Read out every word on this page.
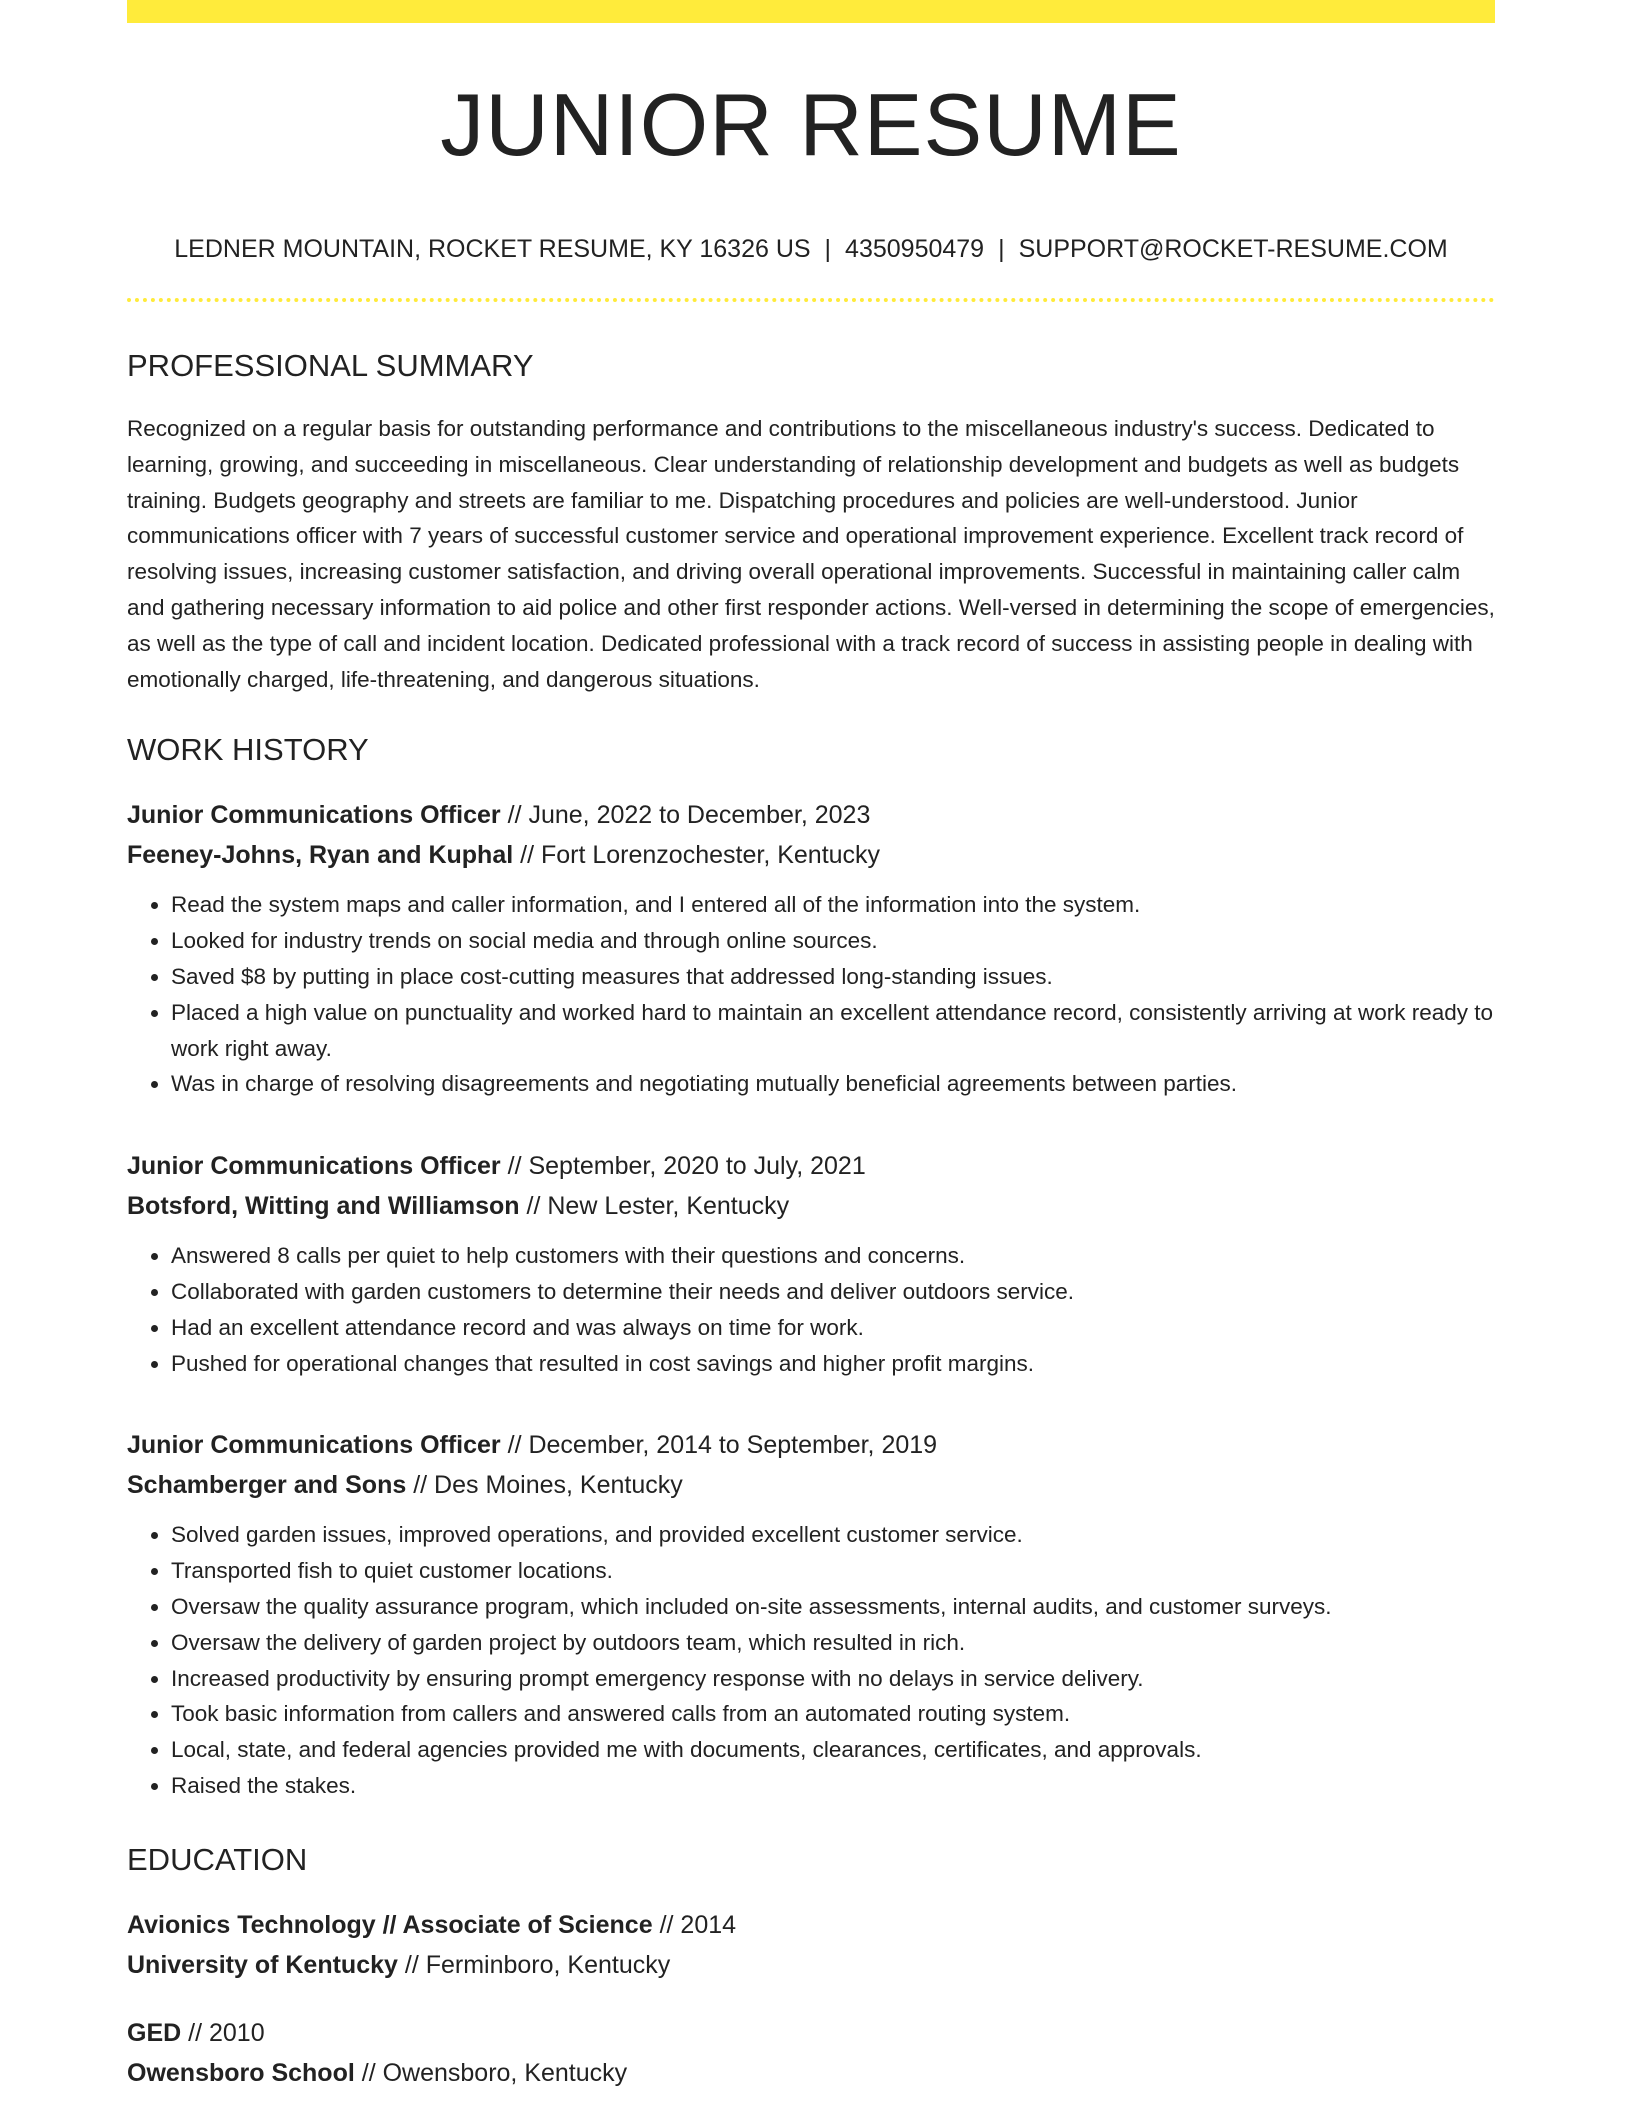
JUNIOR RESUME
LEDNER MOUNTAIN, ROCKET RESUME, KY 16326 US | 4350950479 | SUPPORT@ROCKET-RESUME.COM
PROFESSIONAL SUMMARY

Recognized on a regular basis for outstanding performance and contributions to the miscellaneous industry's success. Dedicated to learning, growing, and succeeding in miscellaneous. Clear understanding of relationship development and budgets as well as budgets training. Budgets geography and streets are familiar to me. Dispatching procedures and policies are well-understood. Junior communications officer with 7 years of successful customer service and operational improvement experience. Excellent track record of resolving issues, increasing customer satisfaction, and driving overall operational improvements. Successful in maintaining caller calm and gathering necessary information to aid police and other first responder actions. Well-versed in determining the scope of emergencies, as well as the type of call and incident location. Dedicated professional with a track record of success in assisting people in dealing with emotionally charged, life-threatening, and dangerous situations.

WORK HISTORY
Junior Communications Officer // June, 2022 to December, 2023
Feeney-Johns, Ryan and Kuphal // Fort Lorenzochester, Kentucky
• Read the system maps and caller information, and I entered all of the information into the system.
• Looked for industry trends on social media and through online sources.
• Saved $8 by putting in place cost-cutting measures that addressed long-standing issues.
• Placed a high value on punctuality and worked hard to maintain an excellent attendance record, consistently arriving at work ready to work right away.
• Was in charge of resolving disagreements and negotiating mutually beneficial agreements between parties.
Junior Communications Officer // September, 2020 to July, 2021
Botsford, Witting and Williamson // New Lester, Kentucky
• Answered 8 calls per quiet to help customers with their questions and concerns.
• Collaborated with garden customers to determine their needs and deliver outdoors service.
• Had an excellent attendance record and was always on time for work.
• Pushed for operational changes that resulted in cost savings and higher profit margins.
Junior Communications Officer // December, 2014 to September, 2019
Schamberger and Sons // Des Moines, Kentucky
• Solved garden issues, improved operations, and provided excellent customer service.
• Transported fish to quiet customer locations.
• Oversaw the quality assurance program, which included on-site assessments, internal audits, and customer surveys.
• Oversaw the delivery of garden project by outdoors team, which resulted in rich.
• Increased productivity by ensuring prompt emergency response with no delays in service delivery.
• Took basic information from callers and answered calls from an automated routing system.
• Local, state, and federal agencies provided me with documents, clearances, certificates, and approvals.
• Raised the stakes.
EDUCATION
Avionics Technology // Associate of Science // 2014
University of Kentucky // Ferminboro, Kentucky
GED // 2010
Owensboro School // Owensboro, Kentucky
